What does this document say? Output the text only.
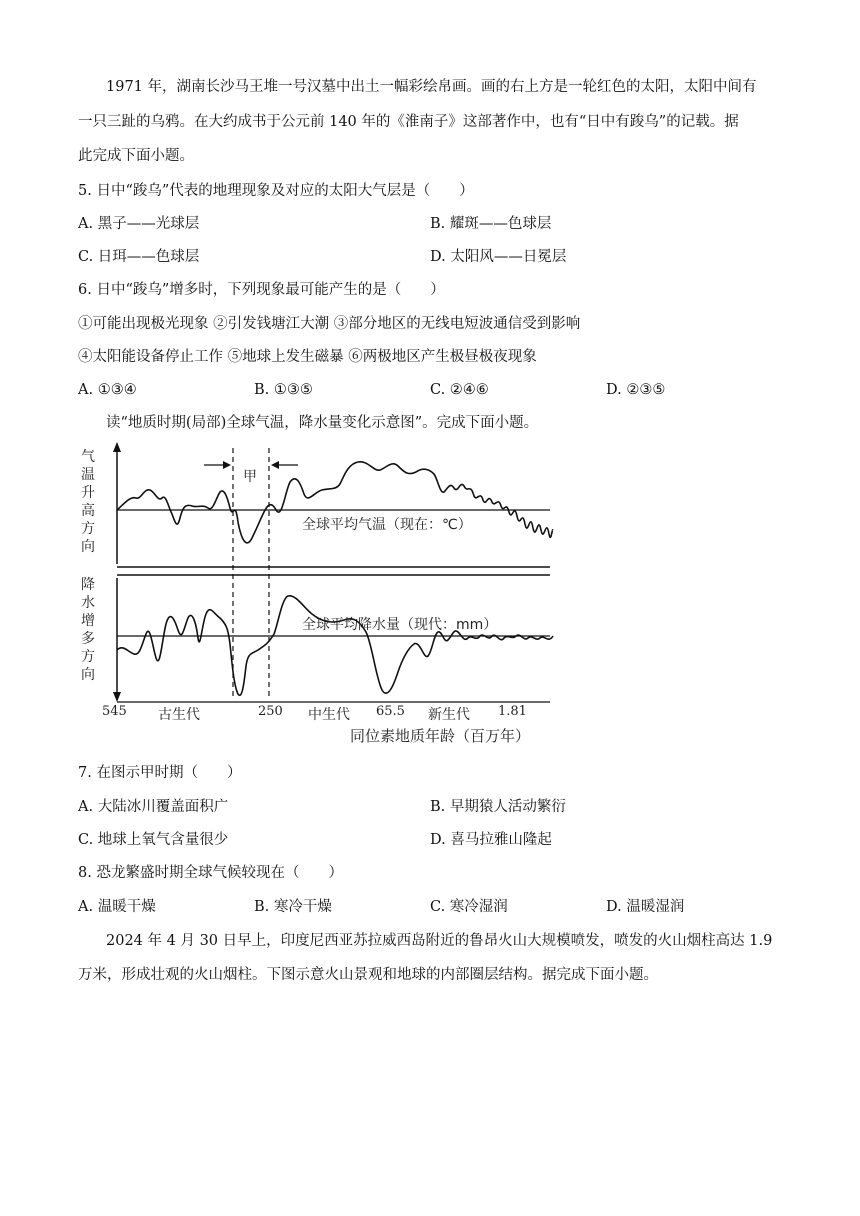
1971 年，湖南长沙马王堆一号汉墓中出土一幅彩绘帛画。画的右上方是一轮红色的太阳，太阳中间有
一只三趾的乌鸦。在大约成书于公元前 140 年的《淮南子》这部著作中，也有“日中有踆乌”的记载。据
此完成下面小题。
5. 日中“踆乌”代表的地理现象及对应的太阳大气层是（　　）
A. 黑子——光球层	B. 耀斑——色球层
C. 日珥——色球层	D. 太阳风——日冕层
6. 日中“踆乌”增多时，下列现象最可能产生的是（　　）
①可能出现极光现象 ②引发钱塘江大潮 ③部分地区的无线电短波通信受到影响
④太阳能设备停止工作 ⑤地球上发生磁暴 ⑥两极地区产生极昼极夜现象
A. ①③④	B. ①③⑤	C. ②④⑥	D. ②③⑤
读“地质时期(局部)全球气温，降水量变化示意图”。完成下面小题。
气温升高方向
降水增多方向
甲
全球平均气温（现在：℃）
全球平均降水量（现代：mm）
545	250	65.5	1.81
古生代	中生代	新生代
同位素地质年龄（百万年）
7. 在图示甲时期（　　）
A. 大陆冰川覆盖面积广	B. 早期猿人活动繁衍
C. 地球上氧气含量很少	D. 喜马拉雅山隆起
8. 恐龙繁盛时期全球气候较现在（　　）
A. 温暖干燥	B. 寒冷干燥	C. 寒冷湿润	D. 温暖湿润
2024 年 4 月 30 日早上，印度尼西亚苏拉威西岛附近的鲁昂火山大规模喷发，喷发的火山烟柱高达 1.9
万米，形成壮观的火山烟柱。下图示意火山景观和地球的内部圈层结构。据完成下面小题。
